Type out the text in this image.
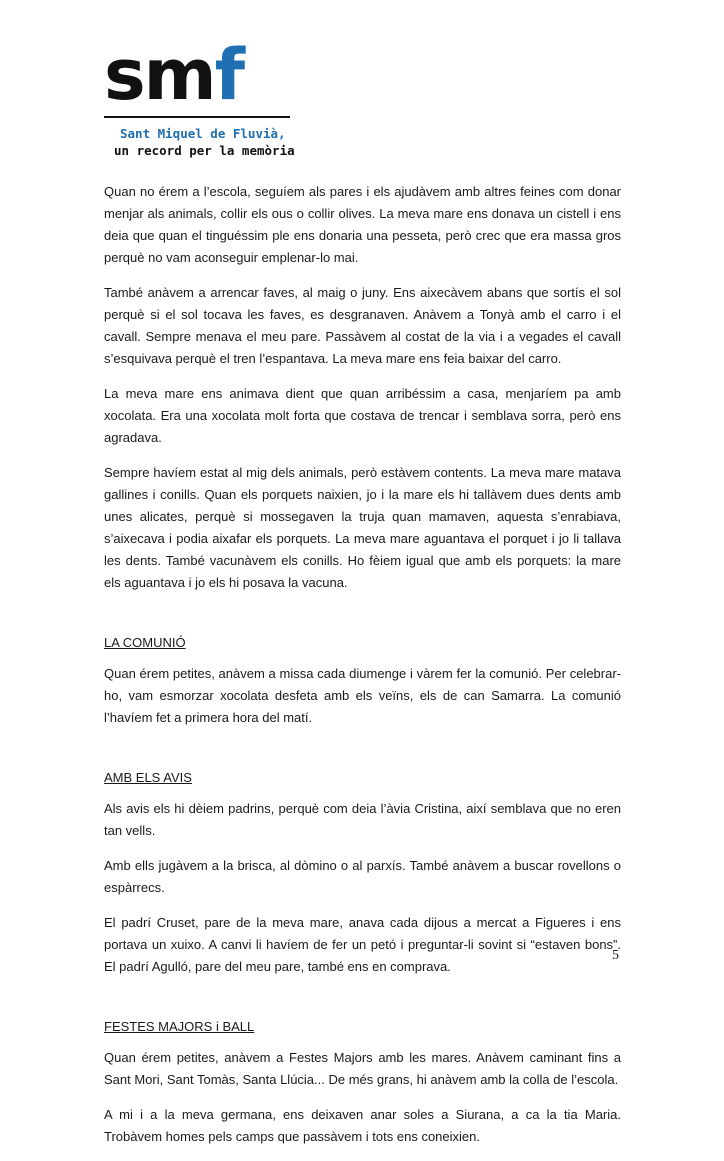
smf
Sant Miquel de Fluvià,
un record per la memòria

Quan no érem a l’escola, seguíem als pares i els ajudàvem amb altres feines com donar menjar als animals, collir els ous o collir olives. La meva mare ens donava un cistell i ens deia que quan el tinguéssim ple ens donaria una pesseta, però crec que era massa gros perquè no vam aconseguir emplenar-lo mai.

També anàvem a arrencar faves, al maig o juny. Ens aixecàvem abans que sortís el sol perquè si el sol tocava les faves, es desgranaven. Anàvem a Tonyà amb el carro i el cavall. Sempre menava el meu pare. Passàvem al costat de la via i a vegades el cavall s’esquivava perquè el tren l’espantava. La meva mare ens feia baixar del carro.

La meva mare ens animava dient que quan arribéssim a casa, menjaríem pa amb xocolata. Era una xocolata molt forta que costava de trencar i semblava sorra, però ens agradava.

Sempre havíem estat al mig dels animals, però estàvem contents. La meva mare matava gallines i conills. Quan els porquets naixien, jo i la mare els hi tallàvem dues dents amb unes alicates, perquè si mossegaven la truja quan mamaven, aquesta s’enrabiava, s’aixecava i podia aixafar els porquets. La meva mare aguantava el porquet i jo li tallava les dents. També vacunàvem els conills. Ho fèiem igual que amb els porquets: la mare els aguantava i jo els hi posava la vacuna.

LA COMUNIÓ

Quan érem petites, anàvem a missa cada diumenge i vàrem fer la comunió. Per celebrar-ho, vam esmorzar xocolata desfeta amb els veïns, els de can Samarra. La comunió l’havíem fet a primera hora del matí.

AMB ELS AVIS

Als avis els hi dèiem padrins, perquè com deia l’àvia Cristina, així semblava que no eren tan vells.

Amb ells jugàvem a la brisca, al dòmino o al parxís. També anàvem a buscar rovellons o espàrrecs.

El padrí Cruset, pare de la meva mare, anava cada dijous a mercat a Figueres i ens portava un xuixo. A canvi li havíem de fer un petó i preguntar-li sovint si “estaven bons”. El padrí Agulló, pare del meu pare, també ens en comprava.

FESTES MAJORS i BALL

Quan érem petites, anàvem a Festes Majors amb les mares. Anàvem caminant fins a Sant Mori, Sant Tomàs, Santa Llúcia... De més grans, hi anàvem amb la colla de l’escola.

A mi i a la meva germana, ens deixaven anar soles a Siurana, a ca la tia Maria. Trobàvem homes pels camps que passàvem i tots ens coneixien.

5
